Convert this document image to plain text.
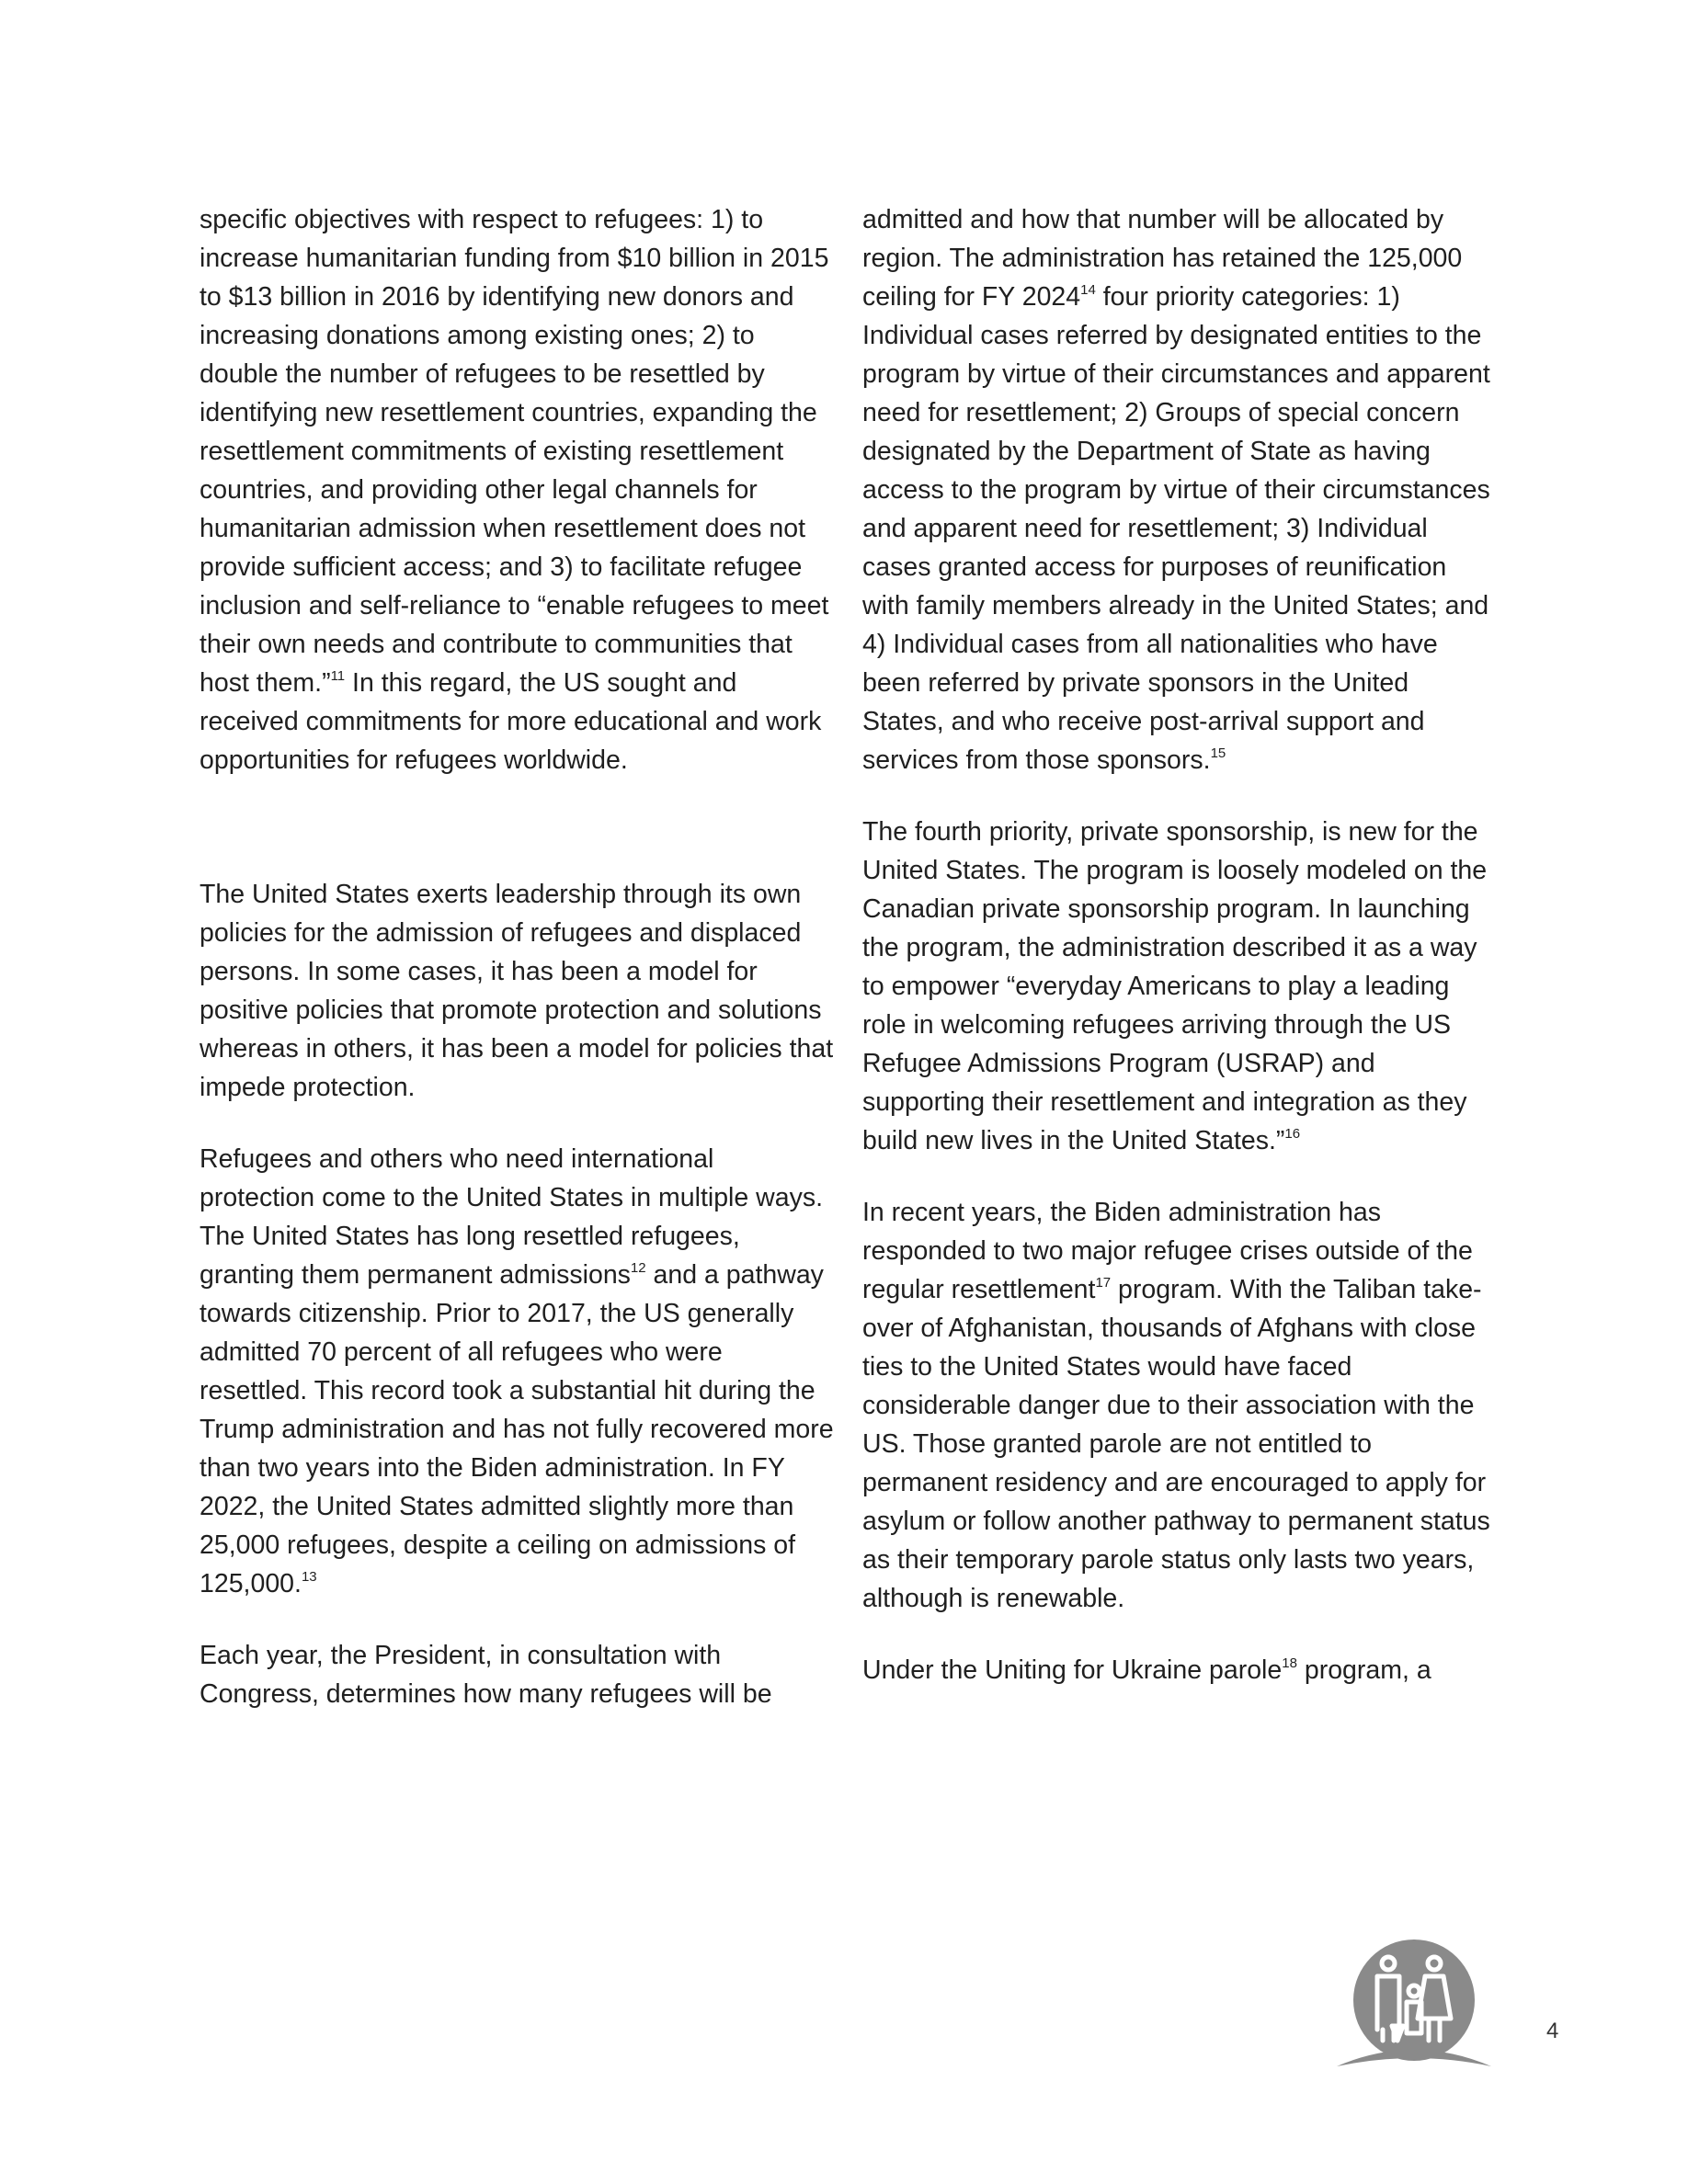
specific objectives with respect to refugees: 1) to increase humanitarian funding from $10 billion in 2015 to $13 billion in 2016 by identifying new donors and increasing donations among existing ones; 2) to double the number of refugees to be resettled by identifying new resettlement countries, expanding the resettlement commitments of existing resettlement countries, and providing other legal channels for humanitarian admission when resettlement does not provide sufficient access; and 3) to facilitate refugee inclusion and self-reliance to “enable refugees to meet their own needs and contribute to communities that host them.”$^{11}$ In this regard, the US sought and received commitments for more educational and work opportunities for refugees worldwide.

The United States exerts leadership through its own policies for the admission of refugees and displaced persons. In some cases, it has been a model for positive policies that promote protection and solutions whereas in others, it has been a model for policies that impede protection.

Refugees and others who need international protection come to the United States in multiple ways. The United States has long resettled refugees, granting them permanent admissions$^{12}$ and a pathway towards citizenship. Prior to 2017, the US generally admitted 70 percent of all refugees who were resettled. This record took a substantial hit during the Trump administration and has not fully recovered more than two years into the Biden administration. In FY 2022, the United States admitted slightly more than 25,000 refugees, despite a ceiling on admissions of 125,000.13

Each year, the President, in consultation with Congress, determines how many refugees will be

admitted and how that number will be allocated by region. The administration has retained the 125,000 ceiling for FY 2024$^{14}$ four priority categories: 1) Individual cases referred by designated entities to the program by virtue of their circumstances and apparent need for resettlement; 2) Groups of special concern designated by the Department of State as having access to the program by virtue of their circumstances and apparent need for resettlement; 3) Individual cases granted access for purposes of reunification with family members already in the United States; and 4) Individual cases from all nationalities who have been referred by private sponsors in the United States, and who receive post-arrival support and services from those sponsors.$^{15}$

The fourth priority, private sponsorship, is new for the United States. The program is loosely modeled on the Canadian private sponsorship program. In launching the program, the administration described it as a way to empower “everyday Americans to play a leading role in welcoming refugees arriving through the US Refugee Admissions Program (USRAP) and supporting their resettlement and integration as they build new lives in the United States.”$^{16}$

In recent years, the Biden administration has responded to two major refugee crises outside of the regular resettlement$^{17}$ program. With the Taliban take-over of Afghanistan, thousands of Afghans with close ties to the United States would have faced considerable danger due to their association with the US. Those granted parole are not entitled to permanent residency and are encouraged to apply for asylum or follow another pathway to permanent status as their temporary parole status only lasts two years, although is renewable.

Under the Uniting for Ukraine parole$^{18}$ program, a

4
